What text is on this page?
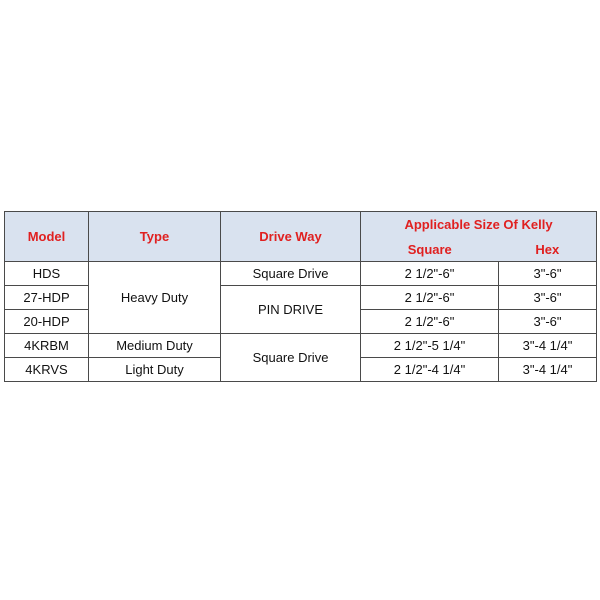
Model	Type	Drive Way	Applicable Size Of Kelly	
			Square	Hex
HDS	Heavy Duty	Square Drive	2 1/2"-6"	3"-6"
27-HDP		PIN DRIVE	2 1/2"-6"	3"-6"
20-HDP			2 1/2"-6"	3"-6"
4KRBM	Medium Duty	Square Drive	2 1/2"-5 1/4"	3"-4 1/4"
4KRVS	Light Duty		2 1/2"-4 1/4"	3"-4 1/4"
